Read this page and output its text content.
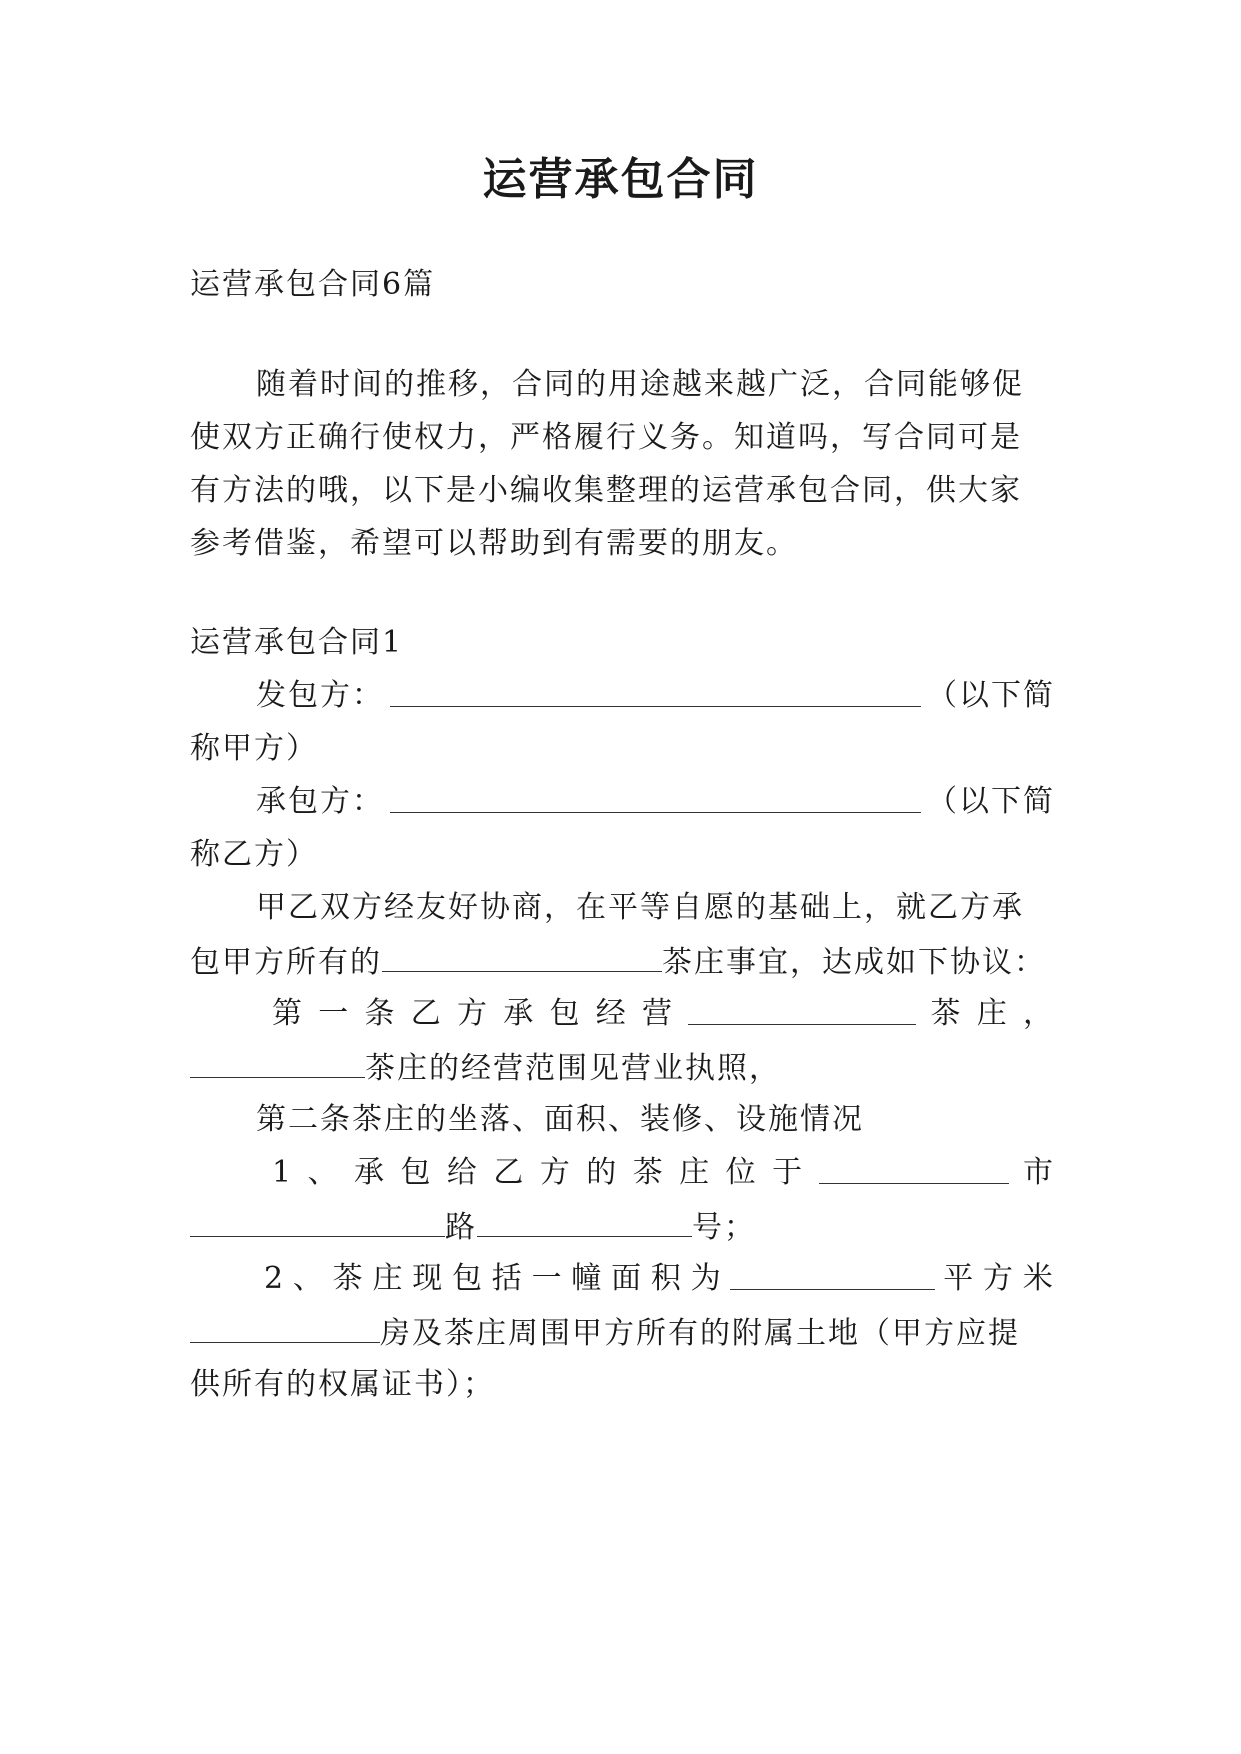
运营承包合同
运营承包合同6篇
随着时间的推移，合同的用途越来越广泛，合同能够促
使双方正确行使权力，严格履行义务。知道吗，写合同可是
有方法的哦，以下是小编收集整理的运营承包合同，供大家
参考借鉴，希望可以帮助到有需要的朋友。
运营承包合同1
发包方：	（以下简
称甲方）
承包方：	（以下简
称乙方）
甲乙双方经友好协商，在平等自愿的基础上，就乙方承
包甲方所有的	茶庄事宜，达成如下协议：
第 一 条 乙 方 承 包 经 营	茶 庄 ，
茶庄的经营范围见营业执照，
第二条茶庄的坐落、面积、装修、设施情况
1 、 承 包 给 乙 方 的 茶 庄 位 于	市
路	号；
2 、 茶 庄 现 包 括 一 幢 面 积 为	平 方 米
房及茶庄周围甲方所有的附属土地（甲方应提
供所有的权属证书）；
